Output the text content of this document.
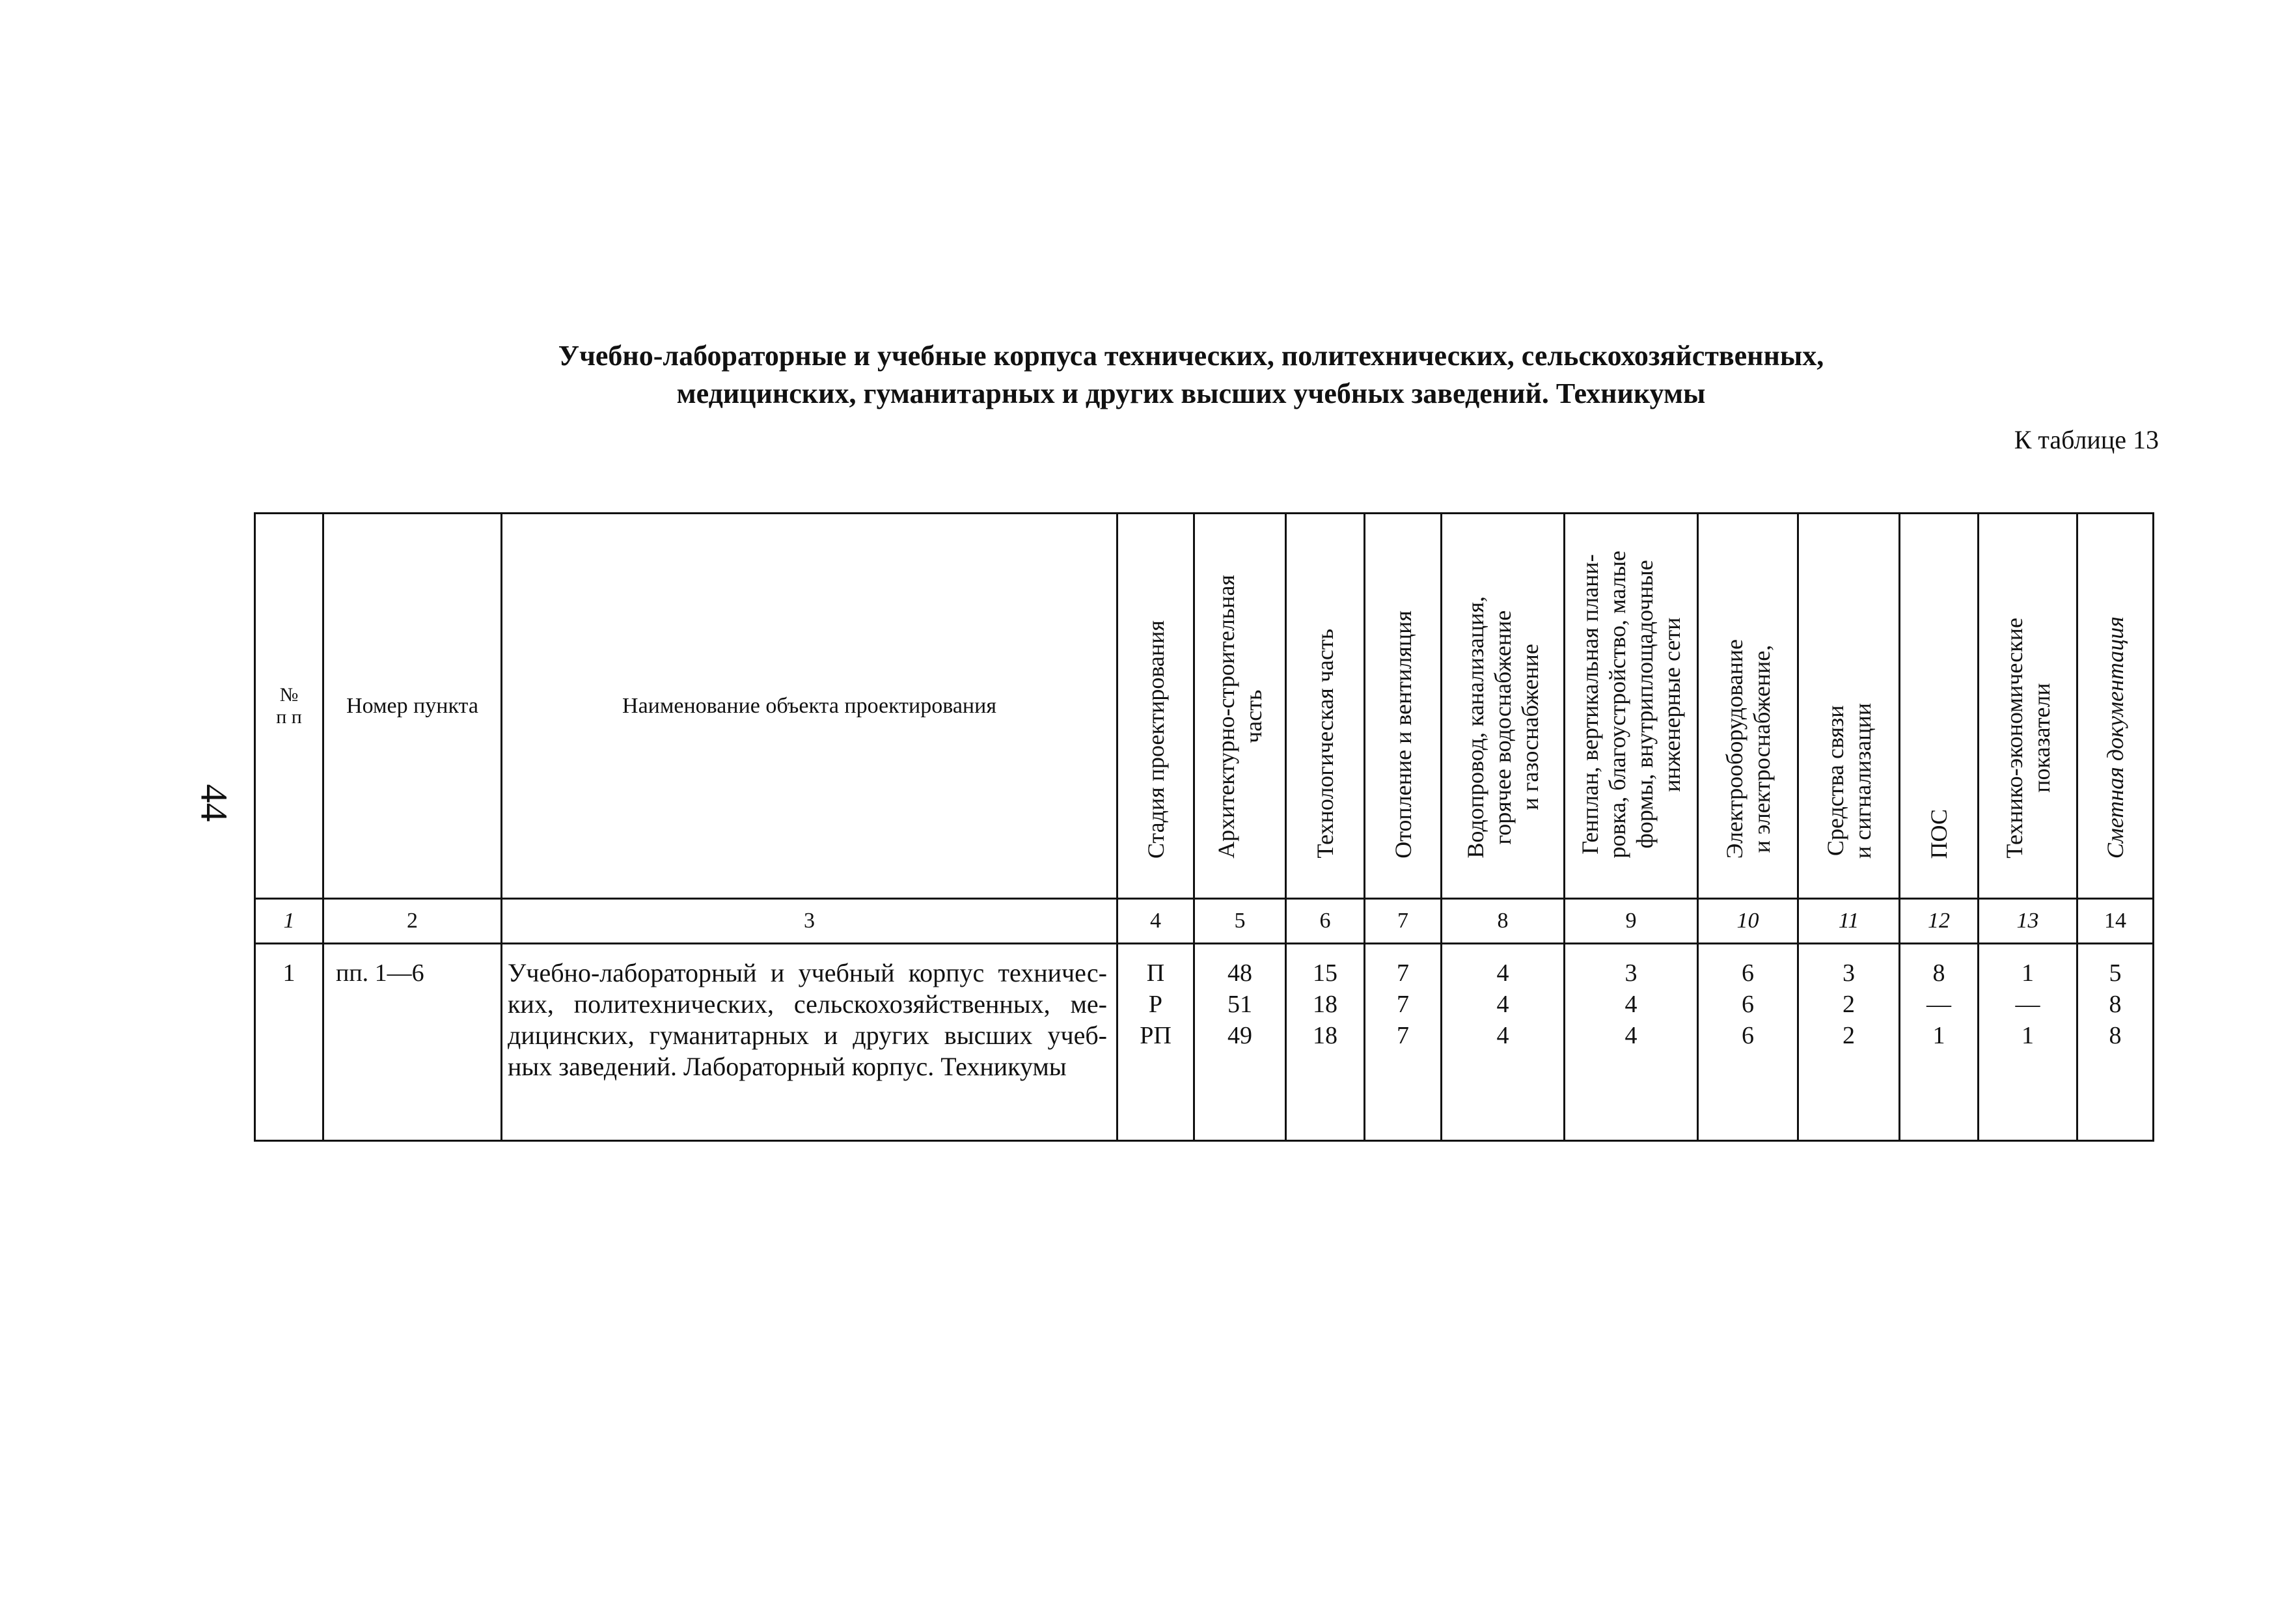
Учебно-лабораторные и учебные корпуса технических, политехнических, сельскохозяйственных,
медицинских, гуманитарных и других высших учебных заведений. Техникумы
К таблице 13
44
№
п п	Номер пункта	Наименование объекта проектирования	Стадия проектирования	Архитектурно-строительная
часть	Технологическая часть	Отопление и вентиляция	Водопровод, канализация,
горячее водоснабжение
и газоснабжение	Генплан, вертикальная плани-
ровка, благоустройство, малые
формы, внутриплощадочные
инженерные сети	Электрооборудование
и электроснабжение,	Средства связи
и сигнализации	ПОС	Технико-экономические
показатели	Сметная документация

1	2	3	4	5	6	7	8	9	10	11	12	13	14
1	пп. 1—6	Учебно-лабораторный и учебный корпус техничес-ких, политехнических, сельскохозяйственных, ме-дицинских, гуманитарных и других высших учеб-ных заведений. Лабораторный корпус. Техникумы	П
Р
РП	48
51
49	15
18
18	7
7
7	4
4
4	3
4
4	6
6
6	3
2
2	8
—
1	1
—
1	5
8
8
